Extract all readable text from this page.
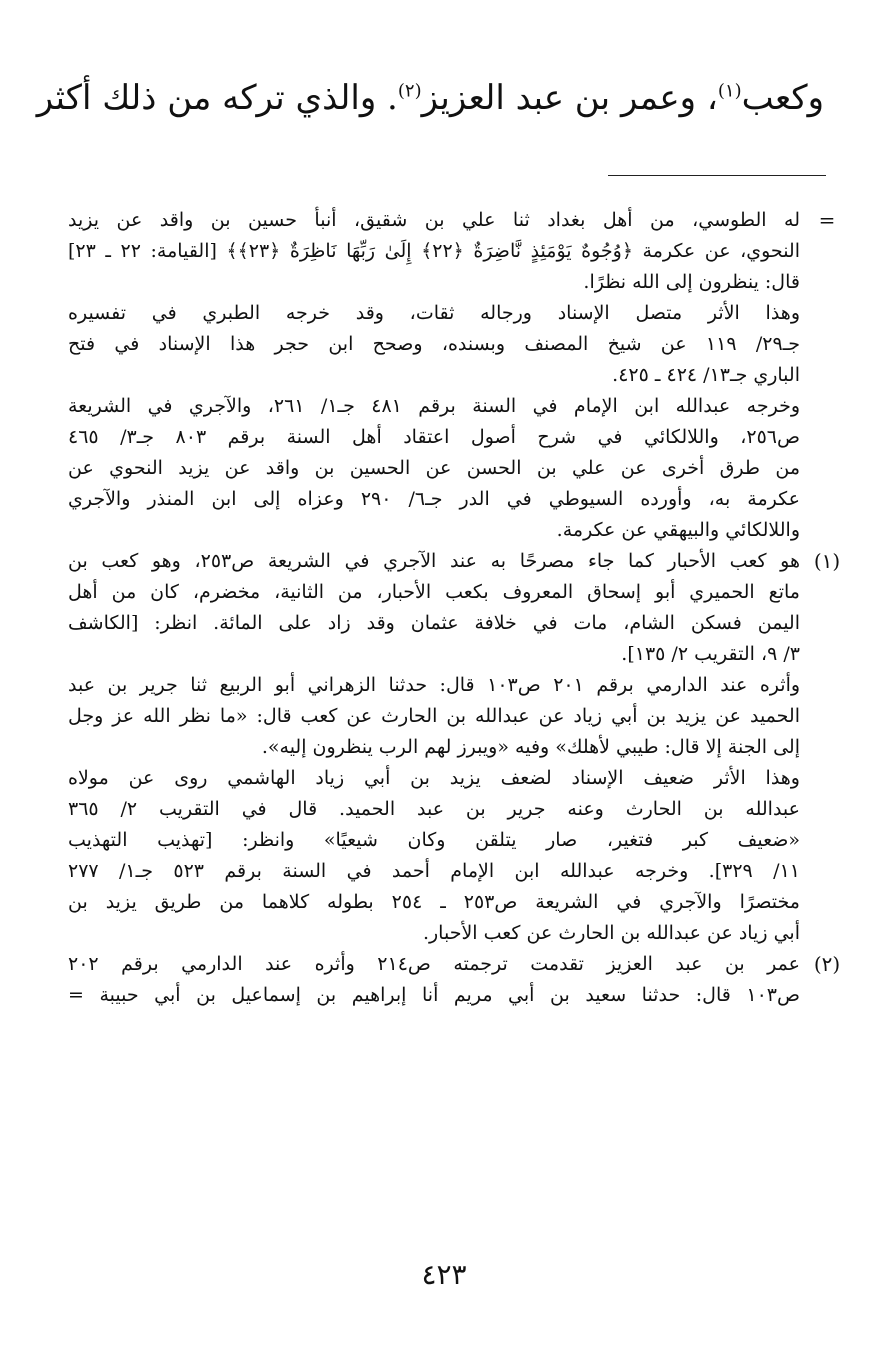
وكعب$^{(١)}$، وعمر بن عبد العزيز$^{(٢)}$. والذي تركه من ذلك أكثر
=

له الطوسي، من أهل بغداد ثنا علي بن شقيق، أنبأ حسين بن واقد عن يزيد
النحوي، عن عكرمة ﴿وُجُوهٌ يَوْمَئِذٍ نَّاضِرَةٌ ﴿٢٢﴾ إِلَىٰ رَبِّهَا نَاظِرَةٌ ﴿٢٣﴾﴾ [القيامة: ٢٢ ـ ٢٣]
قال: ينظرون إلى الله نظرًا.

وهذا الأثر متصل الإسناد ورجاله ثقات، وقد خرجه الطبري في تفسيره
جـ٢٩/ ١١٩ عن شيخ المصنف وبسنده، وصحح ابن حجر هذا الإسناد في فتح
الباري جـ١٣/ ٤٢٤ ـ ٤٢٥.

وخرجه عبدالله ابن الإمام في السنة برقم ٤٨١ جـ١/ ٢٦١، والآجري في الشريعة
ص٢٥٦، واللالكائي في شرح أصول اعتقاد أهل السنة برقم ٨٠٣ جـ٣/ ٤٦٥
من طرق أخرى عن علي بن الحسن عن الحسين بن واقد عن يزيد النحوي عن
عكرمة به، وأورده السيوطي في الدر جـ٦/ ٢٩٠ وعزاه إلى ابن المنذر والآجري
واللالكائي والبيهقي عن عكرمة.

(١)

هو كعب الأحبار كما جاء مصرحًا به عند الآجري في الشريعة ص٢٥٣، وهو كعب بن
ماتع الحميري أبو إسحاق المعروف بكعب الأحبار، من الثانية، مخضرم، كان من أهل
اليمن فسكن الشام، مات في خلافة عثمان وقد زاد على المائة. انظر: [الكاشف
٣/ ٩، التقريب ٢/ ١٣٥].

وأثره عند الدارمي برقم ٢٠١ ص١٠٣ قال: حدثنا الزهراني أبو الربيع ثنا جرير بن عبد
الحميد عن يزيد بن أبي زياد عن عبدالله بن الحارث عن كعب قال: «ما نظر الله عز وجل
إلى الجنة إلا قال: طيبي لأهلك» وفيه «ويبرز لهم الرب ينظرون إليه».

وهذا الأثر ضعيف الإسناد لضعف يزيد بن أبي زياد الهاشمي روى عن مولاه
عبدالله بن الحارث وعنه جرير بن عبد الحميد. قال في التقريب ٢/ ٣٦٥
«ضعيف كبر فتغير، صار يتلقن وكان شيعيًا» وانظر: [تهذيب التهذيب
١١/ ٣٢٩]. وخرجه عبدالله ابن الإمام أحمد في السنة برقم ٥٢٣ جـ١/ ٢٧٧
مختصرًا والآجري في الشريعة ص٢٥٣ ـ ٢٥٤ بطوله كلاهما من طريق يزيد بن
أبي زياد عن عبدالله بن الحارث عن كعب الأحبار.

(٢)

عمر بن عبد العزيز تقدمت ترجمته ص٢١٤ وأثره عند الدارمي برقم ٢٠٢
ص١٠٣ قال: حدثنا سعيد بن أبي مريم أنا إبراهيم بن إسماعيل بن أبي حبيبة =

٤٢٣
